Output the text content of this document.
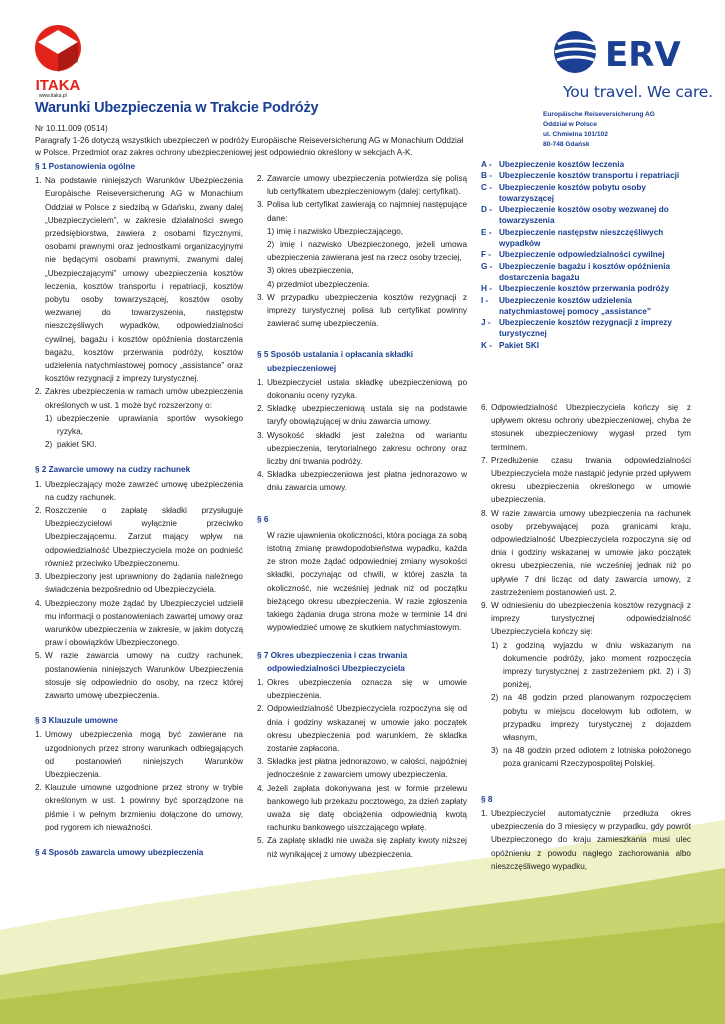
ITAKA
www.itaka.pl
ERV
You travel. We care.
Warunki Ubezpieczenia w Trakcie Podróży
Nr 10.11.009 (0514)
Paragrafy 1-26 dotyczą wszystkich ubezpieczeń w podróży Europäische Reiseversicherung AG w Monachium Oddział w Polsce. Przedmiot oraz zakres ochrony ubezpieczeniowej jest odpowiednio określony w sekcjach A-K.
Europäische Reiseversicherung AG
Oddział w Polsce
ul. Chmielna 101/102
80-748 Gdańsk
A - Ubezpieczenie kosztów leczenia
B - Ubezpieczenie kosztów transportu i repatriacji
C - Ubezpieczenie kosztów pobytu osoby towarzyszącej
D - Ubezpieczenie kosztów osoby wezwanej do towarzyszenia
E - Ubezpieczenie następstw nieszczęśliwych wypadków
F - Ubezpieczenie odpowiedzialności cywilnej
G - Ubezpieczenie bagażu i kosztów opóźnienia dostarczenia bagażu
H - Ubezpieczenie kosztów przerwania podróży
I - Ubezpieczenie kosztów udzielenia natychmiastowej pomocy „assistance”
J - Ubezpieczenie kosztów rezygnacji z imprezy turystycznej
K - Pakiet SKI
§ 1 Postanowienia ogólne
1. Na podstawie niniejszych Warunków Ubezpieczenia Europäische Reiseversicherung AG w Monachium Oddział w Polsce z siedzibą w Gdańsku, zwany dalej „Ubezpieczycielem”, w zakresie działalności swego przedsiębiorstwa, zawiera z osobami fizycznymi, osobami prawnymi oraz jednostkami organizacyjnymi nie będącymi osobami prawnymi, zwanymi dalej „Ubezpieczającymi” umowy ubezpieczenia kosztów leczenia, kosztów transportu i repatriacji, kosztów pobytu osoby towarzyszącej, kosztów osoby wezwanej do towarzyszenia, następstw nieszczęśliwych wypadków, odpowiedzialności cywilnej, bagażu i kosztów opóźnienia dostarczenia bagażu, kosztów przerwania podróży, kosztów udzielenia natychmiastowej pomocy „assistance” oraz kosztów rezygnacji z imprezy turystycznej.
2. Zakres ubezpieczenia w ramach umów ubezpieczenia określonych w ust. 1 może być rozszerzony o:
1) ubezpieczenie uprawiania sportów wysokiego ryzyka,
2) pakiet SKI.
§ 2 Zawarcie umowy na cudzy rachunek
1. Ubezpieczający może zawrzeć umowę ubezpieczenia na cudzy rachunek.
2. Roszczenie o zapłatę składki przysługuje Ubezpieczycielowi wyłącznie przeciwko Ubezpieczającemu. Zarzut mający wpływ na odpowiedzialność Ubezpieczyciela może on podnieść również przeciwko Ubezpieczonemu.
3. Ubezpieczony jest uprawniony do żądania należnego świadczenia bezpośrednio od Ubezpieczyciela.
4. Ubezpieczony może żądać by Ubezpieczyciel udzielił mu informacji o postanowieniach zawartej umowy oraz warunków ubezpieczenia w zakresie, w jakim dotyczą praw i obowiązków Ubezpieczonego.
5. W razie zawarcia umowy na cudzy rachunek, postanowienia niniejszych Warunków Ubezpieczenia stosuje się odpowiednio do osoby, na rzecz której zawarto umowę ubezpieczenia.
§ 3 Klauzule umowne
1. Umowy ubezpieczenia mogą być zawierane na uzgodnionych przez strony warunkach odbiegających od postanowień niniejszych Warunków Ubezpieczenia.
2. Klauzule umowne uzgodnione przez strony w trybie określonym w ust. 1 powinny być sporządzone na piśmie i w pełnym brzmieniu dołączone do umowy, pod rygorem ich nieważności.
§ 4 Sposób zawarcia umowy ubezpieczenia
2. Zawarcie umowy ubezpieczenia potwierdza się polisą lub certyfikatem ubezpieczeniowym (dalej: certyfikat).
3. Polisa lub certyfikat zawierają co najmniej następujące dane:
1) imię i nazwisko Ubezpieczającego,
2) imię i nazwisko Ubezpieczonego, jeżeli umowa ubezpieczenia zawierana jest na rzecz osoby trzeciej,
3) okres ubezpieczenia,
4) przedmiot ubezpieczenia.
3. W przypadku ubezpieczenia kosztów rezygnacji z imprezy turystycznej polisa lub certyfikat powinny zawierać sumę ubezpieczenia.
§ 5 Sposób ustalania i opłacania składki ubezpieczeniowej
1. Ubezpieczyciel ustala składkę ubezpieczeniową po dokonaniu oceny ryzyka.
2. Składkę ubezpieczeniową ustala się na podstawie taryfy obowiązującej w dniu zawarcia umowy.
3. Wysokość składki jest zależna od wariantu ubezpieczenia, terytorialnego zakresu ochrony oraz liczby dni trwania podróży.
4. Składka ubezpieczeniowa jest płatna jednorazowo w dniu zawarcia umowy.
§ 6
W razie ujawnienia okoliczności, która pociąga za sobą istotną zmianę prawdopodobieństwa wypadku, każda ze stron może żądać odpowiedniej zmiany wysokości składki, poczynając od chwili, w której zaszła ta okoliczność, nie wcześniej jednak niż od początku bieżącego okresu ubezpieczenia. W razie zgłoszenia takiego żądania druga strona może w terminie 14 dni wypowiedzieć umowę ze skutkiem natychmiastowym.
§ 7 Okres ubezpieczenia i czas trwania odpowiedzialności Ubezpieczyciela
1. Okres ubezpieczenia oznacza się w umowie ubezpieczenia.
2. Odpowiedzialność Ubezpieczyciela rozpoczyna się od dnia i godziny wskazanej w umowie jako początek okresu ubezpieczenia pod warunkiem, że składka zostanie zapłacona.
3. Składka jest płatna jednorazowo, w całości, najpóźniej jednocześnie z zawarciem umowy ubezpieczenia.
4. Jeżeli zapłata dokonywana jest w formie przelewu bankowego lub przekazu pocztowego, za dzień zapłaty uważa się datę obciążenia odpowiednią kwotą rachunku bankowego uiszczającego wpłatę.
5. Za zapłatę składki nie uważa się zapłaty kwoty niższej niż wynikającej z umowy ubezpieczenia.
6. Odpowiedzialność Ubezpieczyciela kończy się z upływem okresu ochrony ubezpieczeniowej, chyba że stosunek ubezpieczeniowy wygasł przed tym terminem.
7. Przedłużenie czasu trwania odpowiedzialności Ubezpieczyciela może nastąpić jedynie przed upływem okresu ubezpieczenia określonego w umowie ubezpieczenia.
8. W razie zawarcia umowy ubezpieczenia na rachunek osoby przebywającej poza granicami kraju, odpowiedzialność Ubezpieczyciela rozpoczyna się od dnia i godziny wskazanej w umowie jako początek okresu ubezpieczenia, nie wcześniej jednak niż po upływie 7 dni licząc od daty zawarcia umowy, z zastrzeżeniem postanowień ust. 2.
9. W odniesieniu do ubezpieczenia kosztów rezygnacji z imprezy turystycznej odpowiedzialność Ubezpieczyciela kończy się:
1) z godziną wyjazdu w dniu wskazanym na dokumencie podróży, jako moment rozpoczęcia imprezy turystycznej z zastrzeżeniem pkt. 2) i 3) poniżej,
2) na 48 godzin przed planowanym rozpoczęciem pobytu w miejscu docelowym lub odlotem, w przypadku imprezy turystycznej z dojazdem własnym,
3) na 48 godzin przed odlotem z lotniska położonego poza granicami Rzeczypospolitej Polskiej.
§ 8
1. Ubezpieczyciel automatycznie przedłuża okres ubezpieczenia do 3 miesięcy w przypadku, gdy powrót Ubezpieczonego do kraju zamieszkania musi ulec opóźnieniu z powodu nagłego zachorowania albo nieszczęśliwego wypadku,
